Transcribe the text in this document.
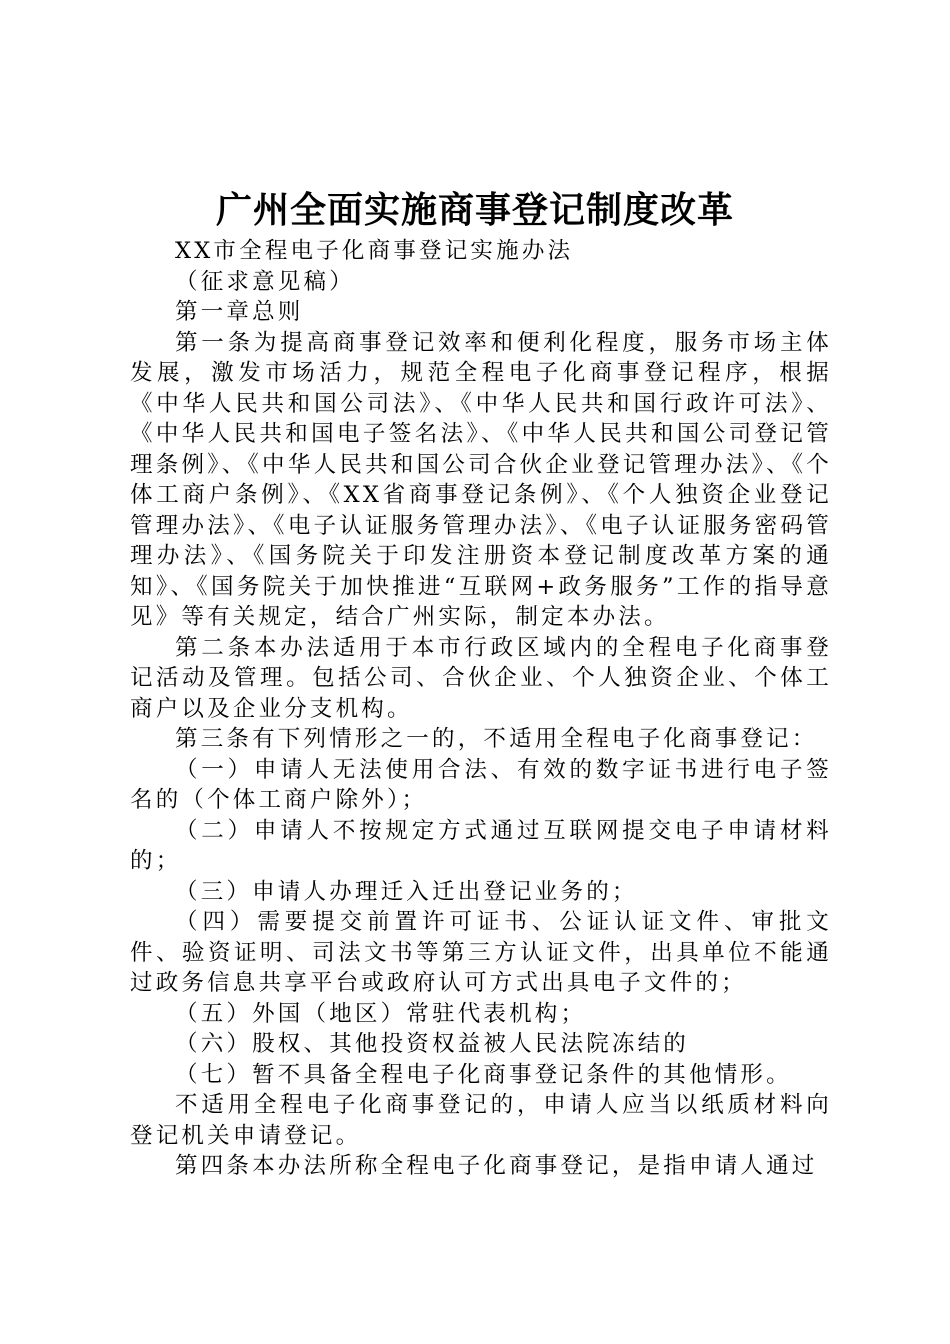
广州全面实施商事登记制度改革

XX市全程电子化商事登记实施办法

（征求意见稿）

第一章总则

第一条为提高商事登记效率和便利化程度，服务市场主体发展，激发市场活力，规范全程电子化商事登记程序，根据《中华人民共和国公司法》、《中华人民共和国行政许可法》、《中华人民共和国电子签名法》、《中华人民共和国公司登记管理条例》、《中华人民共和国公司合伙企业登记管理办法》、《个体工商户条例》、《XX省商事登记条例》、《个人独资企业登记管理办法》、《电子认证服务管理办法》、《电子认证服务密码管理办法》、《国务院关于印发注册资本登记制度改革方案的通知》、《国务院关于加快推进“互联网+政务服务”工作的指导意见》等有关规定，结合广州实际，制定本办法。

第二条本办法适用于本市行政区域内的全程电子化商事登记活动及管理。包括公司、合伙企业、个人独资企业、个体工商户以及企业分支机构。

第三条有下列情形之一的，不适用全程电子化商事登记：

（一）申请人无法使用合法、有效的数字证书进行电子签名的（个体工商户除外）；

（二）申请人不按规定方式通过互联网提交电子申请材料的；

（三）申请人办理迁入迁出登记业务的；

（四）需要提交前置许可证书、公证认证文件、审批文件、验资证明、司法文书等第三方认证文件，出具单位不能通过政务信息共享平台或政府认可方式出具电子文件的；

（五）外国（地区）常驻代表机构；

（六）股权、其他投资权益被人民法院冻结的

（七）暂不具备全程电子化商事登记条件的其他情形。

不适用全程电子化商事登记的，申请人应当以纸质材料向登记机关申请登记。

第四条本办法所称全程电子化商事登记，是指申请人通过
